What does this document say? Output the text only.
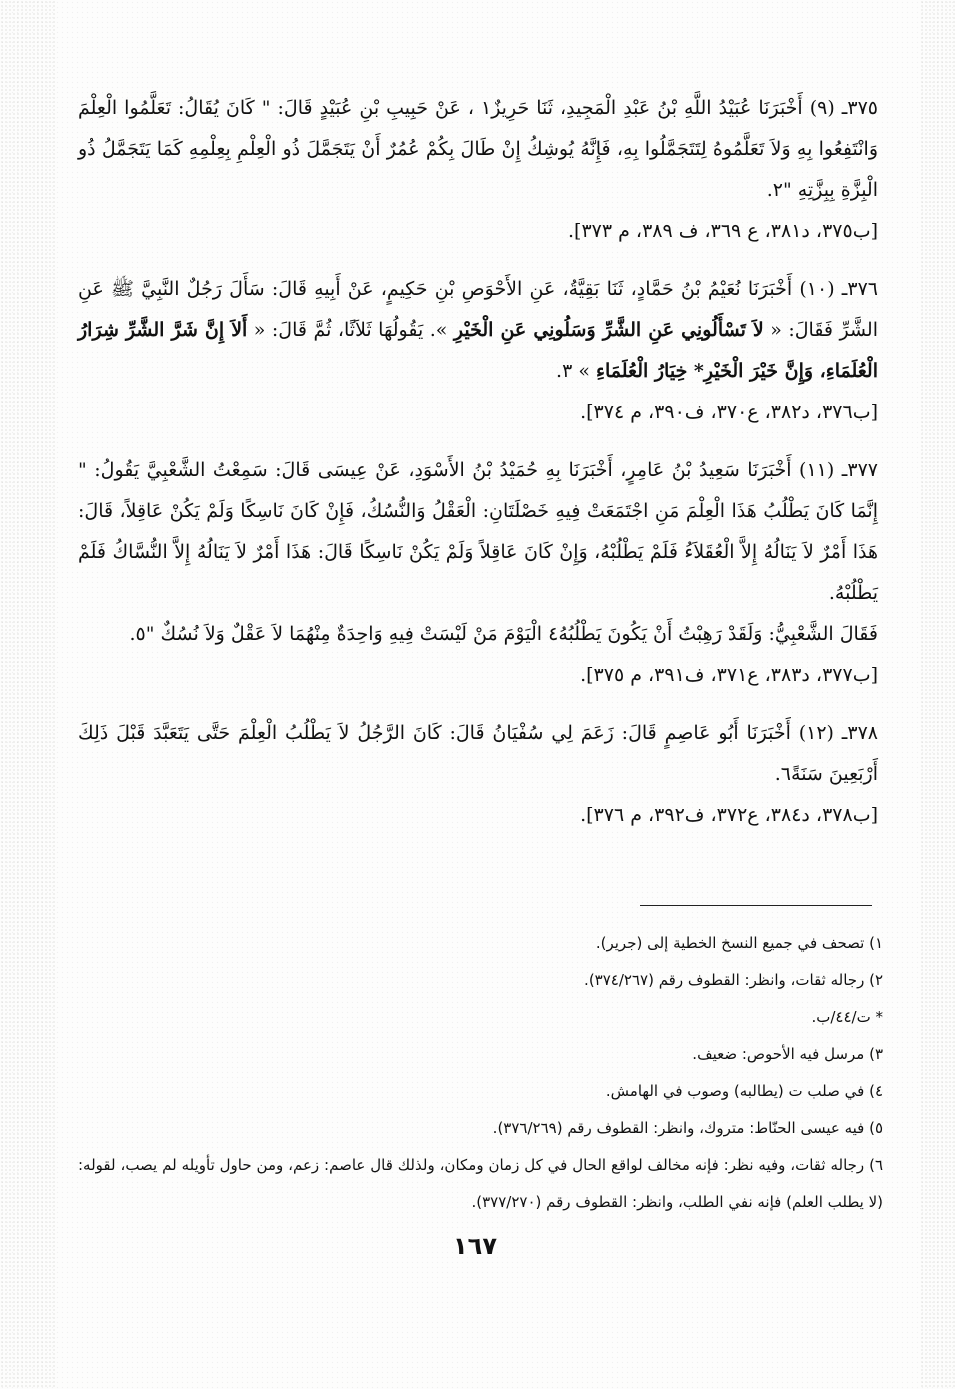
٣٧٥ـ (٩) أَخْبَرَنَا عُبَيْدُ اللَّهِ بْنُ عَبْدِ الْمَجِيدِ، ثَنَا حَرِيزٌ١ ، عَنْ حَبِيبِ بْنِ عُبَيْدٍ قَالَ: " كَانَ يُقَالُ: تَعَلَّمُوا الْعِلْمَ وَانْتَفِعُوا بِهِ وَلاَ تَعَلَّمُوهُ لِتَتَجَمَّلُوا بِهِ، فَإِنَّهُ يُوشِكُ إِنْ طَالَ بِكُمْ عُمُرٌ أَنْ يَتَجَمَّلَ ذُو الْعِلْمِ بِعِلْمِهِ كَمَا يَتَجَمَّلُ ذُو الْبِزَّةِ بِبِزَّتِهِ "٢.

[ب٣٧٥، د٣٨١، ع ٣٦٩، ف ٣٨٩، م ٣٧٣].

٣٧٦ـ (١٠) أَخْبَرَنَا نُعَيْمُ بْنُ حَمَّادٍ، ثَنَا بَقِيَّةُ، عَنِ الأَحْوَصِ بْنِ حَكِيمٍ، عَنْ أَبِيهِ قَالَ: سَأَلَ رَجُلٌ النَّبِيَّ ﷺ عَنِ الشَّرِّ فَقَالَ: « لاَ تَسْأَلُونِي عَنِ الشَّرِّ وَسَلُونِي عَنِ الْخَيْرِ ». يَقُولُهَا ثَلاَثًا، ثُمَّ قَالَ: « أَلاَ إِنَّ شَرَّ الشَّرِّ شِرَارُ الْعُلَمَاءِ، وَإِنَّ خَيْرَ الْخَيْرِ* خِيَارُ الْعُلَمَاءِ » ٣.

[ب٣٧٦، د٣٨٢، ع٣٧٠، ف٣٩٠، م ٣٧٤].

٣٧٧ـ (١١) أَخْبَرَنَا سَعِيدُ بْنُ عَامِرٍ، أَخْبَرَنَا بِهِ حُمَيْدُ بْنُ الأَسْوَدِ، عَنْ عِيسَى قَالَ: سَمِعْتُ الشَّعْبِيَّ يَقُولُ: " إِنَّمَا كَانَ يَطْلُبُ هَذَا الْعِلْمَ مَنِ اجْتَمَعَتْ فِيهِ خَصْلَتَانِ: الْعَقْلُ وَالنُّسُكُ، فَإِنْ كَانَ نَاسِكًا وَلَمْ يَكُنْ عَاقِلاً، قَالَ: هَذَا أَمْرٌ لاَ يَنَالُهُ إِلاَّ الْعُقَلاَءُ فَلَمْ يَطْلُبْهُ، وَإِنْ كَانَ عَاقِلاً وَلَمْ يَكُنْ نَاسِكًا قَالَ: هَذَا أَمْرٌ لاَ يَنَالُهُ إِلاَّ النُّسَّاكُ فَلَمْ يَطْلُبْهُ.

فَقَالَ الشَّعْبِيُّ: وَلَقَدْ رَهِبْتُ أَنْ يَكُونَ يَطْلُبُهُ٤ الْيَوْمَ مَنْ لَيْسَتْ فِيهِ وَاحِدَةٌ مِنْهُمَا لاَ عَقْلٌ وَلاَ نُسُكٌ "٥.

[ب٣٧٧، د٣٨٣، ع٣٧١، ف٣٩١، م ٣٧٥].

٣٧٨ـ (١٢) أَخْبَرَنَا أَبُو عَاصِمٍ قَالَ: زَعَمَ لِي سُفْيَانُ قَالَ: كَانَ الرَّجُلُ لاَ يَطْلُبُ الْعِلْمَ حَتَّى يَتَعَبَّدَ قَبْلَ ذَلِكَ أَرْبَعِينَ سَنَةً٦.

[ب٣٧٨، د٣٨٤، ع٣٧٢، ف٣٩٢، م ٣٧٦].

١) تصحف في جميع النسخ الخطية إلى (جرير).

٢) رجاله ثقات، وانظر: القطوف رقم (٣٧٤/٢٦٧).

* ت/٤٤/ب.

٣) مرسل فيه الأحوص: ضعيف.

٤) في صلب ت (يطالبه) وصوب في الهامش.

٥) فيه عيسى الحنّاط: متروك، وانظر: القطوف رقم (٣٧٦/٢٦٩).

٦) رجاله ثقات، وفيه نظر: فإنه مخالف لواقع الحال في كل زمان ومكان، ولذلك قال عاصم: زعم، ومن حاول تأويله لم يصب، لقوله: (لا يطلب العلم) فإنه نفي الطلب، وانظر: القطوف رقم (٣٧٧/٢٧٠).

١٦٧
